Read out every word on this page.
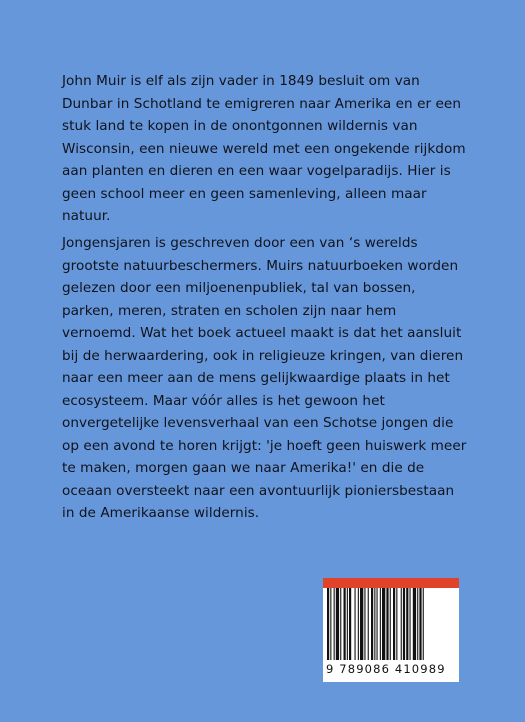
John Muir is elf als zijn vader in 1849 besluit om van Dunbar in Schotland te emigreren naar Amerika en er een stuk land te kopen in de onontgonnen wildernis van Wisconsin, een nieuwe wereld met een ongekende rijkdom aan planten en dieren en een waar vogelparadijs. Hier is geen school meer en geen samenleving, alleen maar natuur.

Jongensjaren is geschreven door een van ‘s werelds grootste natuurbeschermers. Muirs natuurboeken worden gelezen door een miljoenenpubliek, tal van bossen, parken, meren, straten en scholen zijn naar hem vernoemd. Wat het boek actueel maakt is dat het aansluit bij de herwaardering, ook in religieuze kringen, van dieren naar een meer aan de mens gelijkwaardige plaats in het ecosysteem. Maar vóór alles is het gewoon het onvergetelijke levensverhaal van een Schotse jongen die op een avond te horen krijgt: 'je hoeft geen huiswerk meer te maken, morgen gaan we naar Amerika!' en die de oceaan oversteekt naar een avontuurlijk pioniersbestaan in de Amerikaanse wildernis.

9 789086 410989
